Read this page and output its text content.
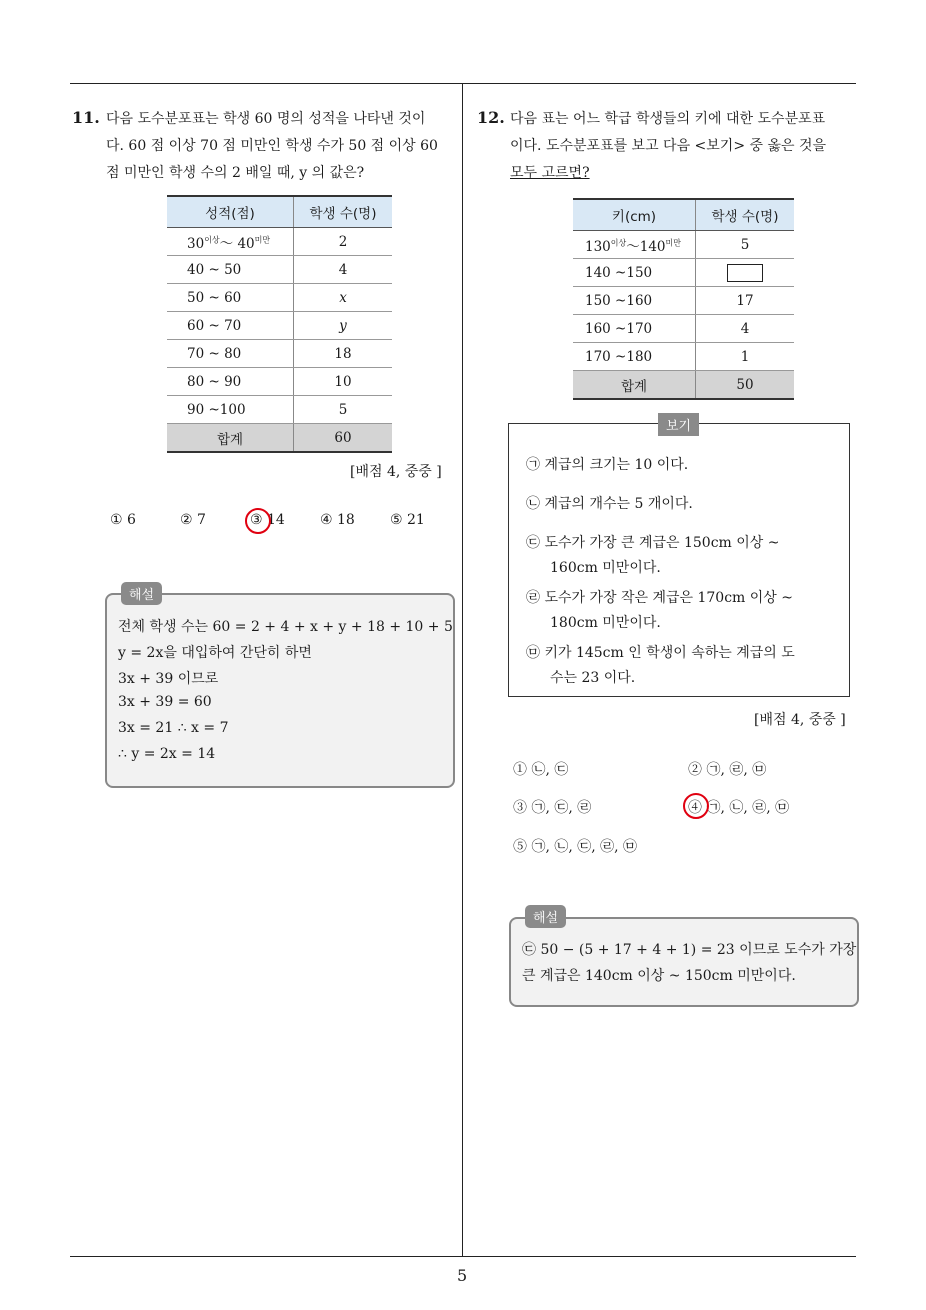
11. 다음 도수분포표는 학생 60 명의 성적을 나타낸 것이
다. 60 점 이상 70 점 미만인 학생 수가 50 점 이상 60
점 미만인 학생 수의 2 배일 때, y 의 값은?
성적(점)	학생 수(명)
$30^{이상}\sim$ $40^{미만}$	2
40 ~ 50	4
50 ~ 60	x
60 ~ 70	y
70 ~ 80	18
80 ~ 90	10
90 ~100	5
합계	60
[배점 4, 중중 ]
① 6	② 7	③ 14	④ 18	⑤ 21
해설
전체 학생 수는 60 = 2 + 4 + x + y + 18 + 10 + 5
y = 2x을 대입하여 간단히 하면
3x + 39 이므로
3x + 39 = 60
3x = 21 ∴ x = 7
∴ y = 2x = 14
12. 다음 표는 어느 학급 학생들의 키에 대한 도수분포표
이다. 도수분포표를 보고 다음 <보기> 중 옳은 것을
모두 고르면?
키(cm)	학생 수(명)
$130^{이상}\sim 140^{미만}$	5
140 ~150	
150 ~160	17
160 ~170	4
170 ~180	1
합계	50
보기
㉠ 계급의 크기는 10 이다.
㉡ 계급의 개수는 5 개이다.
㉢ 도수가 가장 큰 계급은 150cm 이상 ~
160cm 미만이다.
㉣ 도수가 가장 작은 계급은 170cm 이상 ~
180cm 미만이다.
㉤ 키가 145cm 인 학생이 속하는 계급의 도
수는 23 이다.
[배점 4, 중중 ]
① ㉡, ㉢	② ㉠, ㉣, ㉤
③ ㉠, ㉢, ㉣	④ ㉠, ㉡, ㉣, ㉤
⑤ ㉠, ㉡, ㉢, ㉣, ㉤
해설
㉢ 50 − (5 + 17 + 4 + 1) = 23 이므로 도수가 가장
큰 계급은 140cm 이상 ~ 150cm 미만이다.
5
